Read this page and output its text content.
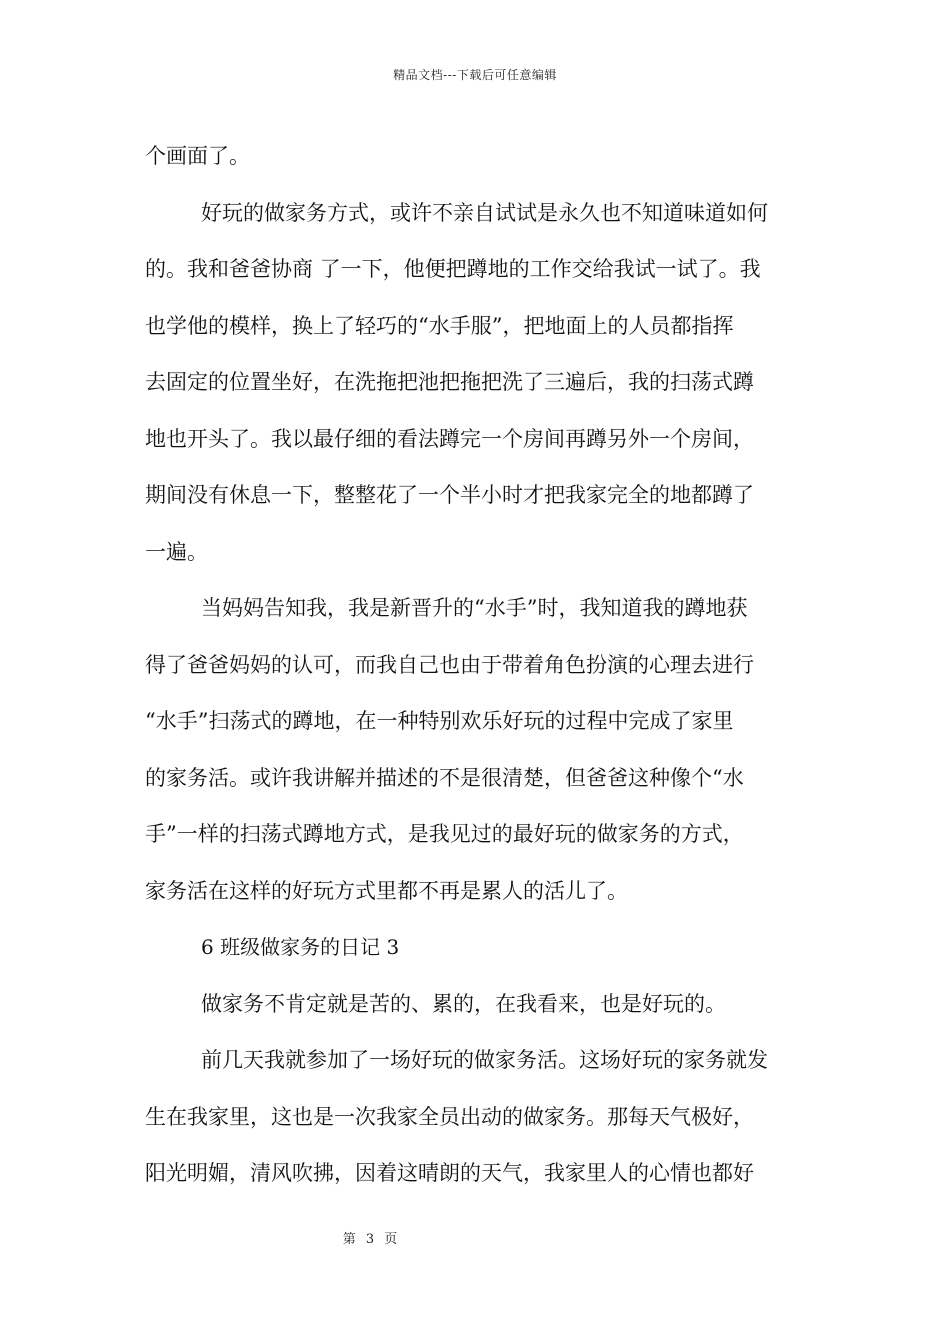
精品文档---下载后可任意编辑
个画面了。
好玩的做家务方式，或许不亲自试试是永久也不知道味道如何
的。我和爸爸协商 了一下，他便把蹲地的工作交给我试一试了。我
也学他的模样，换上了轻巧的“水手服”，把地面上的人员都指挥
去固定的位置坐好，在洗拖把池把拖把洗了三遍后，我的扫荡式蹲
地也开头了。我以最仔细的看法蹲完一个房间再蹲另外一个房间，
期间没有休息一下，整整花了一个半小时才把我家完全的地都蹲了
一遍。
当妈妈告知我，我是新晋升的“水手”时，我知道我的蹲地获
得了爸爸妈妈的认可，而我自己也由于带着角色扮演的心理去进行
“水手”扫荡式的蹲地，在一种特别欢乐好玩的过程中完成了家里
的家务活。或许我讲解并描述的不是很清楚，但爸爸这种像个“水
手”一样的扫荡式蹲地方式，是我见过的最好玩的做家务的方式，
家务活在这样的好玩方式里都不再是累人的活儿了。
6 班级做家务的日记 3
做家务不肯定就是苦的、累的，在我看来，也是好玩的。
前几天我就参加了一场好玩的做家务活。这场好玩的家务就发
生在我家里，这也是一次我家全员出动的做家务。那每天气极好，
阳光明媚，清风吹拂，因着这晴朗的天气，我家里人的心情也都好
第 3 页
